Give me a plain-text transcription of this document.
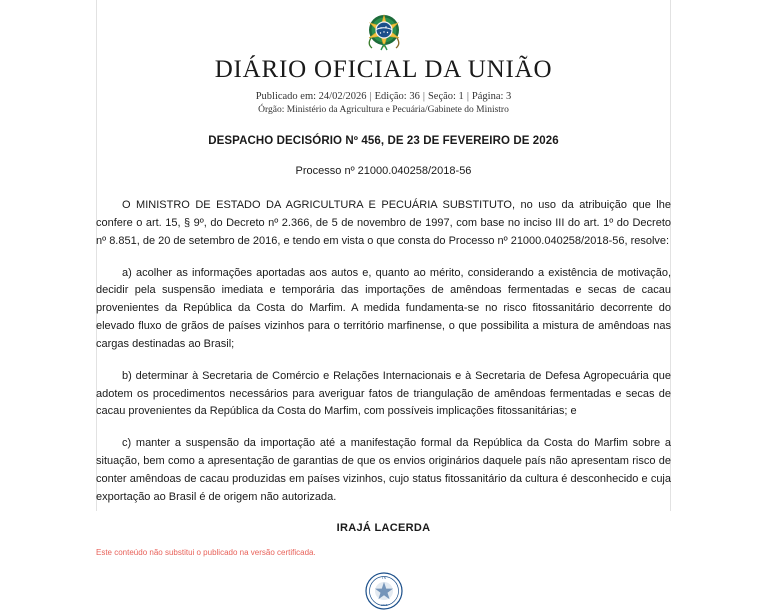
DIÁRIO OFICIAL DA UNIÃO
Publicado em: 24/02/2026 | Edição: 36 | Seção: 1 | Página: 3
Órgão: Ministério da Agricultura e Pecuária/Gabinete do Ministro
DESPACHO DECISÓRIO Nº 456, DE 23 DE FEVEREIRO DE 2026
Processo nº 21000.040258/2018-56

O MINISTRO DE ESTADO DA AGRICULTURA E PECUÁRIA SUBSTITUTO, no uso da atribuição que lhe confere o art. 15, § 9º, do Decreto nº 2.366, de 5 de novembro de 1997, com base no inciso III do art. 1º do Decreto nº 8.851, de 20 de setembro de 2016, e tendo em vista o que consta do Processo nº 21000.040258/2018-56, resolve:

a) acolher as informações aportadas aos autos e, quanto ao mérito, considerando a existência de motivação, decidir pela suspensão imediata e temporária das importações de amêndoas fermentadas e secas de cacau provenientes da República da Costa do Marfim. A medida fundamenta-se no risco fitossanitário decorrente do elevado fluxo de grãos de países vizinhos para o território marfinense, o que possibilita a mistura de amêndoas nas cargas destinadas ao Brasil;

b) determinar à Secretaria de Comércio e Relações Internacionais e à Secretaria de Defesa Agropecuária que adotem os procedimentos necessários para averiguar fatos de triangulação de amêndoas fermentadas e secas de cacau provenientes da República da Costa do Marfim, com possíveis implicações fitossanitárias; e

c) manter a suspensão da importação até a manifestação formal da República da Costa do Marfim sobre a situação, bem como a apresentação de garantias de que os envios originários daquele país não apresentam risco de conter amêndoas de cacau produzidas em países vizinhos, cujo status fitossanitário da cultura é desconhecido e cuja exportação ao Brasil é de origem não autorizada.

IRAJÁ LACERDA
Este conteúdo não substitui o publicado na versão certificada.
I N
1808
